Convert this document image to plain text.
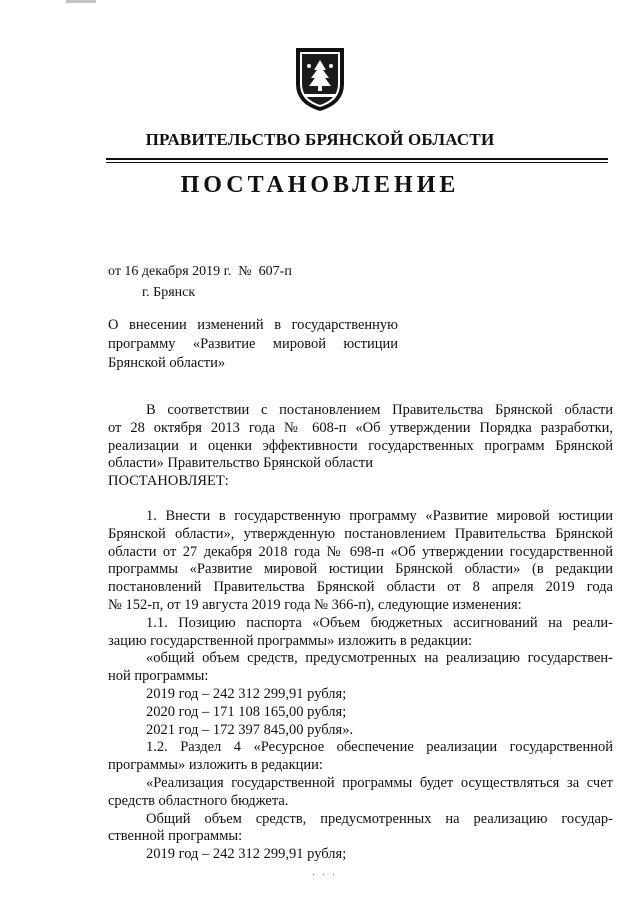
ПРАВИТЕЛЬСТВО БРЯНСКОЙ ОБЛАСТИ
ПОСТАНОВЛЕНИЕ
от 16 декабря 2019 г.  №  607-п
г. Брянск
О внесении изменений в государственную
программу «Развитие мировой юстиции
Брянской области»
В соответствии с постановлением Правительства Брянской области
от 28 октября 2013 года № 608-п «Об утверждении Порядка разработки,
реализации и оценки эффективности государственных программ Брянской
области» Правительство Брянской области
ПОСТАНОВЛЯЕТ:
1. Внести в государственную программу «Развитие мировой юстиции
Брянской области», утвержденную постановлением Правительства Брянской
области от 27 декабря 2018 года № 698-п «Об утверждении государственной
программы «Развитие мировой юстиции Брянской области» (в редакции
постановлений Правительства Брянской области от 8 апреля 2019 года
№ 152-п, от 19 августа 2019 года № 366-п), следующие изменения:
1.1. Позицию паспорта «Объем бюджетных ассигнований на реали-
зацию государственной программы» изложить в редакции:
«общий объем средств, предусмотренных на реализацию государствен-
ной программы:
2019 год – 242 312 299,91 рубля;
2020 год – 171 108 165,00 рубля;
2021 год – 172 397 845,00 рубля».
1.2. Раздел 4 «Ресурсное обеспечение реализации государственной
программы» изложить в редакции:
«Реализация государственной программы будет осуществляться за счет
средств областного бюджета.
Общий объем средств, предусмотренных на реализацию государ-
ственной программы:
2019 год – 242 312 299,91 рубля;
· · ·
